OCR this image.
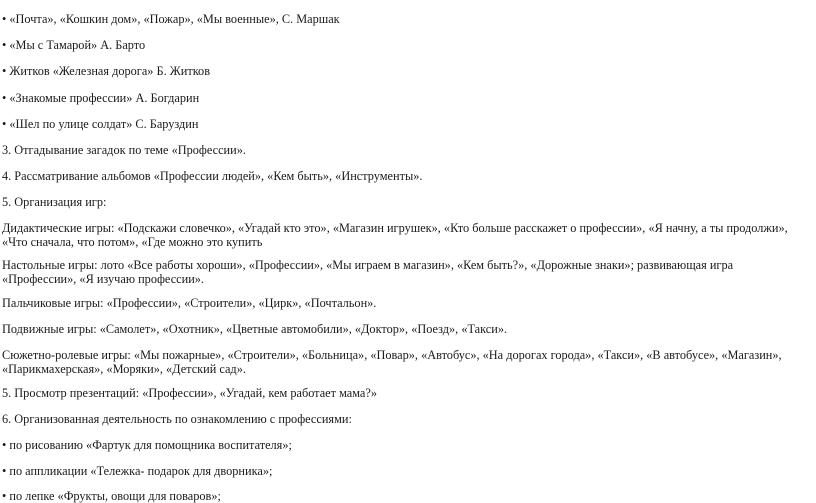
• «Почта», «Кошкин дом», «Пожар», «Мы военные», С. Маршак

• «Мы с Тамарой» А. Барто

• Житков «Железная дорога» Б. Житков

• «Знакомые профессии» А. Богдарин

• «Шел по улице солдат» С. Баруздин

3. Отгадывание загадок по теме «Профессии».

4. Рассматривание альбомов «Профессии людей», «Кем быть», «Инструменты».

5. Организация игр:

Дидактические игры: «Подскажи словечко», «Угадай кто это», «Магазин игрушек», «Кто больше расскажет о профессии», «Я начну, а ты продолжи», «Что сначала, что потом», «Где можно это купить

Настольные игры: лото «Все работы хороши», «Профессии», «Мы играем в магазин», «Кем быть?», «Дорожные знаки»; развивающая игра «Профессии», «Я изучаю профессии».

Пальчиковые игры: «Профессии», «Строители», «Цирк», «Почтальон».

Подвижные игры: «Самолет», «Охотник», «Цветные автомобили», «Доктор», «Поезд», «Такси».

Сюжетно-ролевые игры: «Мы пожарные», «Строители», «Больница», «Повар», «Автобус», «На дорогах города», «Такси», «В автобусе», «Магазин», «Парикмахерская», «Моряки», «Детский сад».

5. Просмотр презентаций: «Профессии», «Угадай, кем работает мама?»

6. Организованная деятельность по ознакомлению с профессиями:

• по рисованию «Фартук для помощника воспитателя»;

• по аппликации «Тележка- подарок для дворника»;

• по лепке «Фрукты, овощи для поваров»;
